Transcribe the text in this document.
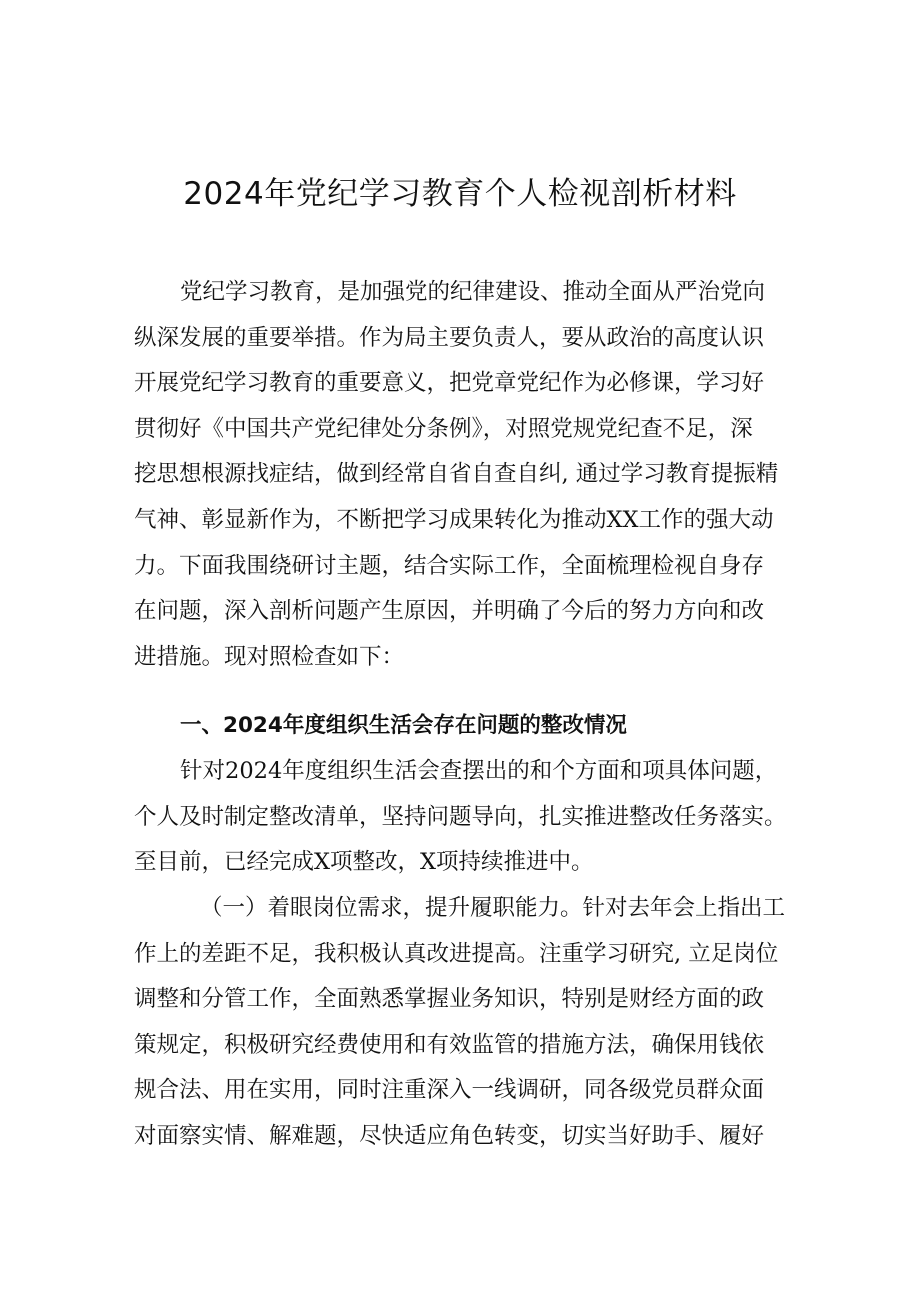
2024年党纪学习教育个人检视剖析材料
党纪学习教育，是加强党的纪律建设、推动全面从严治党向
纵深发展的重要举措。作为局主要负责人，要从政治的高度认识
开展党纪学习教育的重要意义，把党章党纪作为必修课，学习好
贯彻好《中国共产党纪律处分条例》，对照党规党纪查不足，深
挖思想根源找症结，做到经常自省自查自纠, 通过学习教育提振精
气神、彰显新作为，不断把学习成果转化为推动XX工作的强大动
力。下面我围绕研讨主题，结合实际工作，全面梳理检视自身存
在问题，深入剖析问题产生原因，并明确了今后的努力方向和改
进措施。现对照检查如下：
一、2024年度组织生活会存在问题的整改情况
针对2024年度组织生活会查摆出的和个方面和项具体问题，
个人及时制定整改清单，坚持问题导向，扎实推进整改任务落实。
至目前，已经完成X项整改，X项持续推进中。
（一）着眼岗位需求，提升履职能力。针对去年会上指出工
作上的差距不足，我积极认真改进提高。注重学习研究, 立足岗位
调整和分管工作，全面熟悉掌握业务知识，特别是财经方面的政
策规定，积极研究经费使用和有效监管的措施方法，确保用钱依
规合法、用在实用，同时注重深入一线调研，同各级党员群众面
对面察实情、解难题，尽快适应角色转变，切实当好助手、履好
